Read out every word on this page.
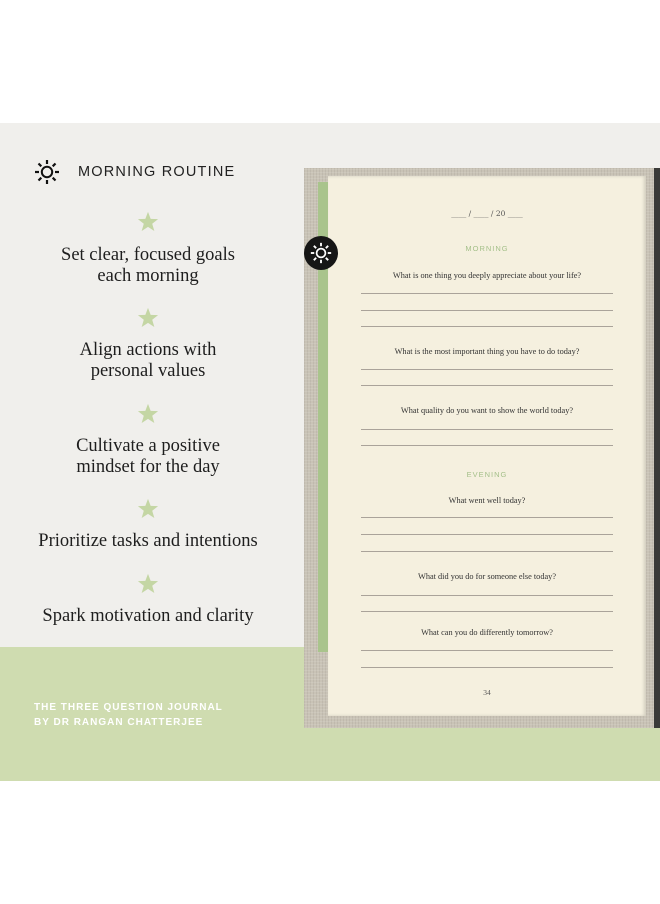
MORNING ROUTINE
Set clear, focused goals
each morning
Align actions with
personal values
Cultivate a positive
mindset for the day
Prioritize tasks and intentions
Spark motivation and clarity
THE THREE QUESTION JOURNAL
BY DR RANGAN CHATTERJEE
____ / ____ / 20 ____
MORNING
What is one thing you deeply appreciate about your life?
What is the most important thing you have to do today?
What quality do you want to show the world today?
EVENING
What went well today?
What did you do for someone else today?
What can you do differently tomorrow?
34
